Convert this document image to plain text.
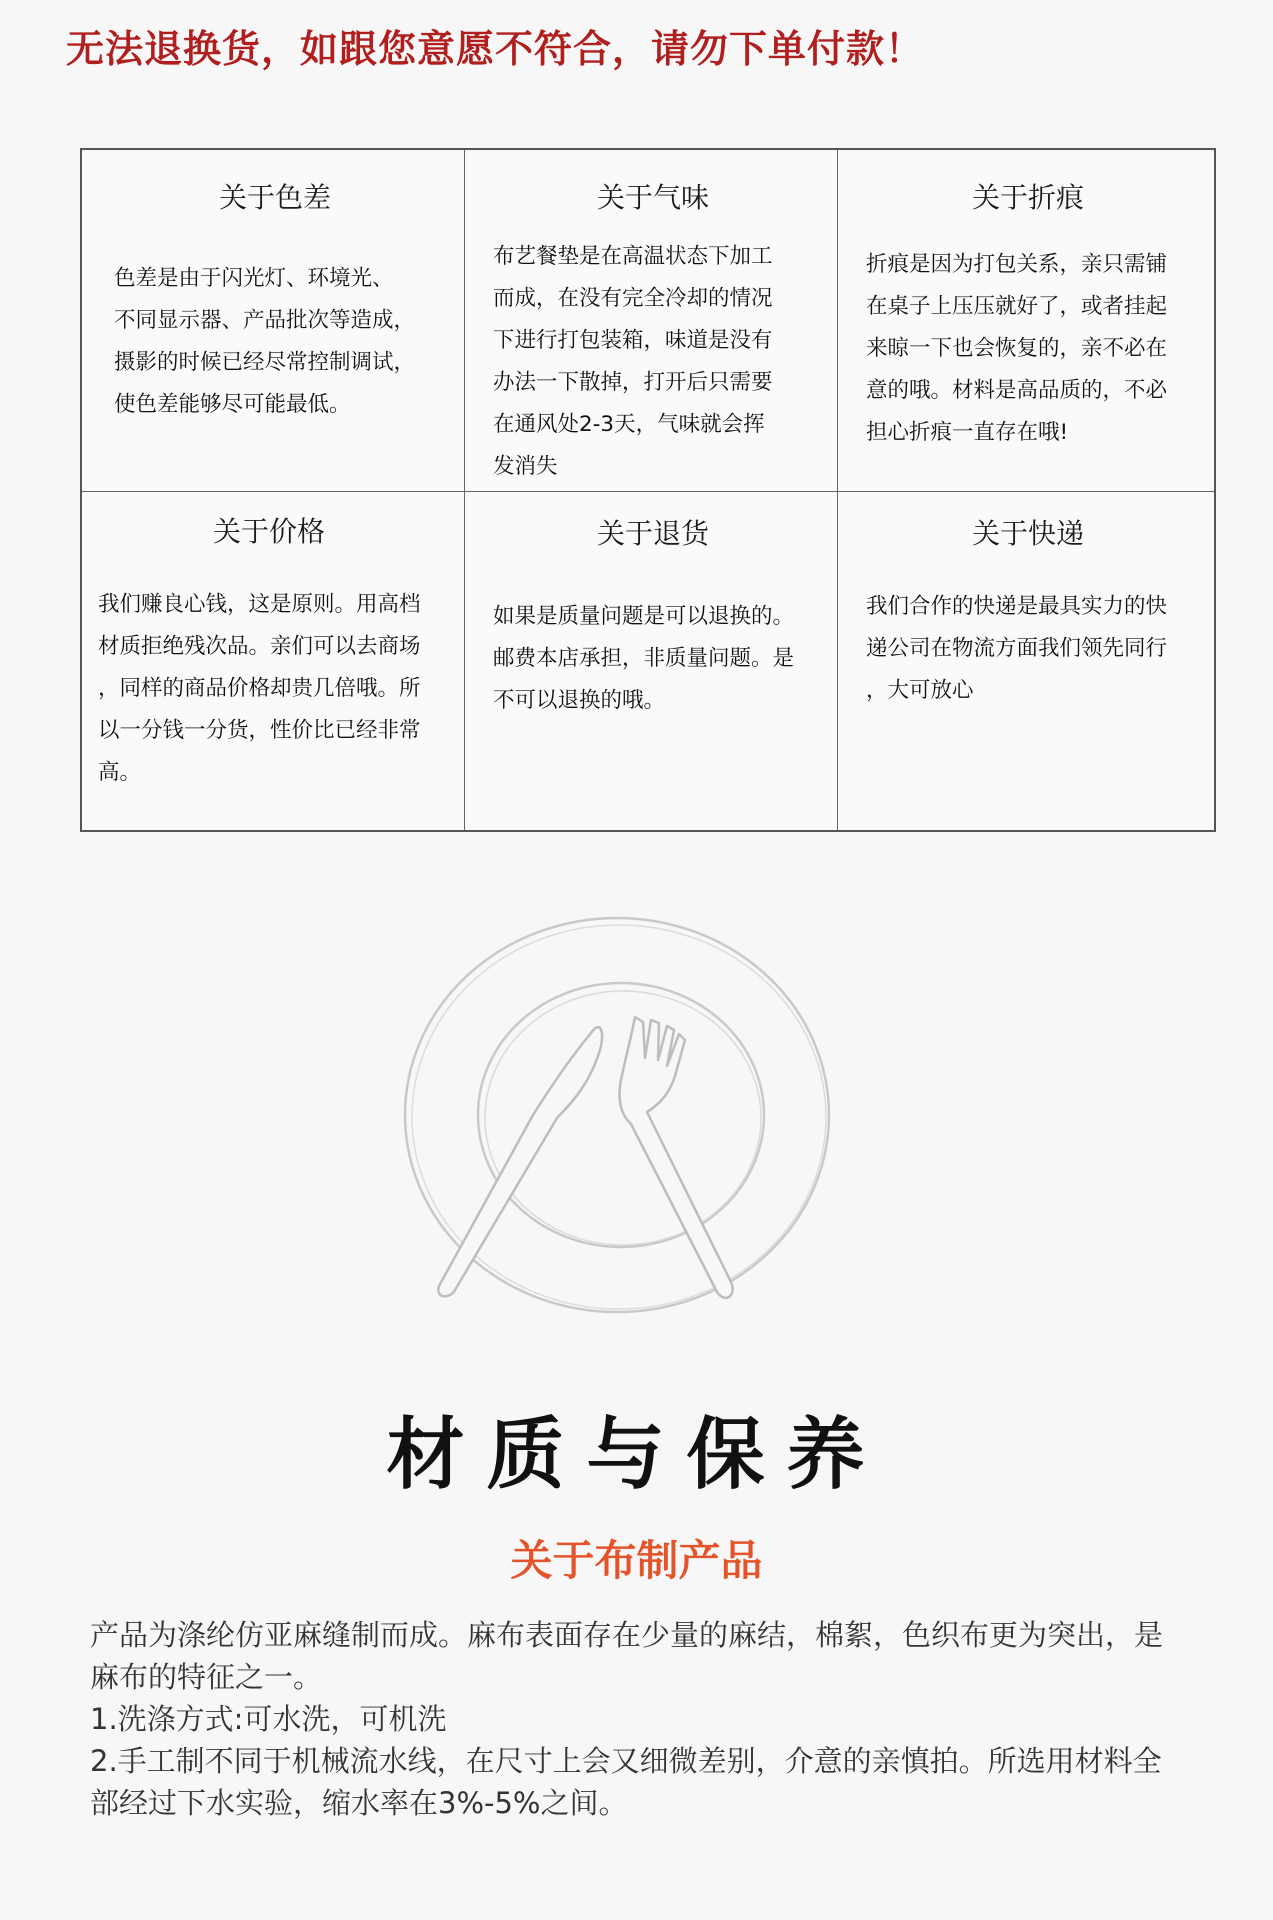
无法退换货，如跟您意愿不符合，请勿下单付款！
关于色差

色差是由于闪光灯、环境光、
不同显示器、产品批次等造成，
摄影的时候已经尽常控制调试，
使色差能够尽可能最低。

关于气味

布艺餐垫是在高温状态下加工
而成，在没有完全冷却的情况
下进行打包装箱，味道是没有
办法一下散掉，打开后只需要
在通风处2-3天，气味就会挥
发消失

关于折痕

折痕是因为打包关系，亲只需铺
在桌子上压压就好了，或者挂起
来晾一下也会恢复的，亲不必在
意的哦。材料是高品质的，不必
担心折痕一直存在哦!

关于价格

我们赚良心钱，这是原则。用高档
材质拒绝残次品。亲们可以去商场
，同样的商品价格却贵几倍哦。所
以一分钱一分货，性价比已经非常
高。

关于退货

如果是质量问题是可以退换的。
邮费本店承担，非质量问题。是
不可以退换的哦。

关于快递

我们合作的快递是最具实力的快
递公司在物流方面我们领先同行
，大可放心

材质与保养
关于布制产品

产品为涤纶仿亚麻缝制而成。麻布表面存在少量的麻结，棉絮，色织布更为突出，是麻布的特征之一。

1.洗涤方式:可水洗，可机洗

2.手工制不同于机械流水线，在尺寸上会又细微差别，介意的亲慎拍。所选用材料全部经过下水实验，缩水率在3%-5%之间。
